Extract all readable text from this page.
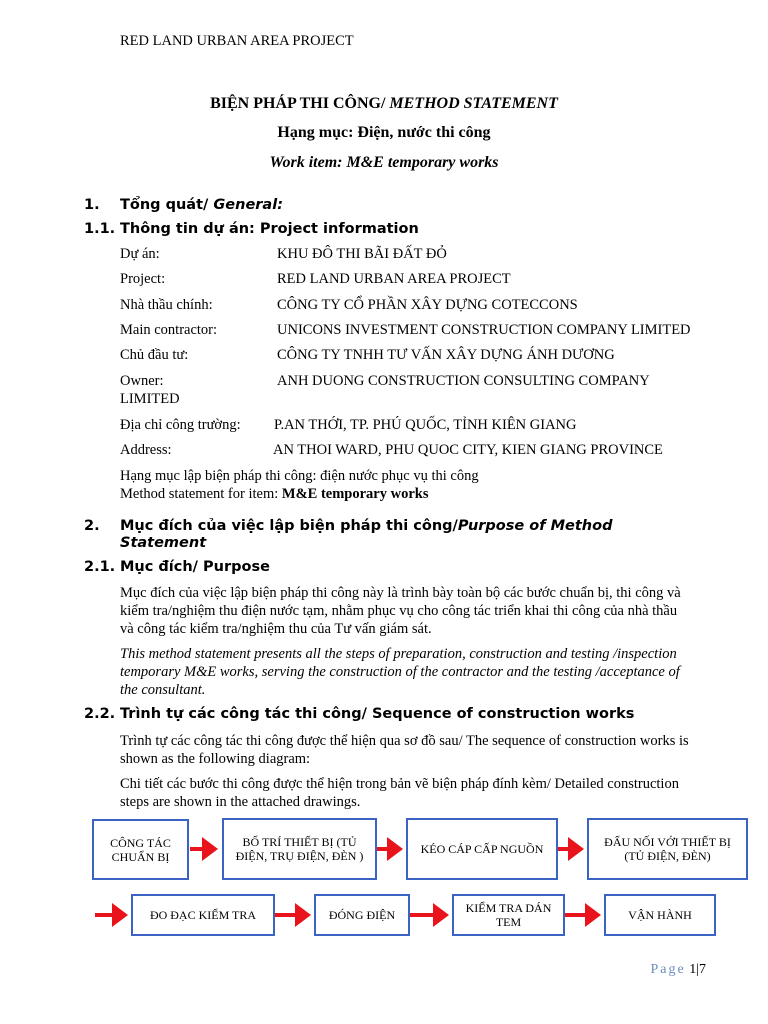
RED LAND URBAN AREA PROJECT
BIỆN PHÁP THI CÔNG/ METHOD STATEMENT
Hạng mục: Điện, nước thi công
Work item: M&E temporary works
1. Tổng quát/ General:
1.1. Thông tin dự án: Project information
Dự án:	KHU ĐÔ THI BÃI ĐẤT ĐỎ
Project:	RED LAND URBAN AREA PROJECT
Nhà thầu chính:	CÔNG TY CỔ PHẦN XÂY DỰNG COTECCONS
Main contractor:	UNICONS INVESTMENT CONSTRUCTION COMPANY LIMITED
Chủ đầu tư:	CÔNG TY TNHH TƯ VẤN XÂY DỰNG ÁNH DƯƠNG
Owner:	ANH DUONG CONSTRUCTION CONSULTING COMPANY
LIMITED
Địa chỉ công trường: P.AN THỚI, TP. PHÚ QUỐC, TỈNH KIÊN GIANG
Address:	AN THOI WARD, PHU QUOC CITY, KIEN GIANG PROVINCE
Hạng mục lập biện pháp thi công: điện nước phục vụ thi công
Method statement for item: M&E temporary works
2. Mục đích của việc lập biện pháp thi công/Purpose of Method
Statement
2.1. Mục đích/ Purpose
Mục đích của việc lập biện pháp thi công này là trình bày toàn bộ các bước chuẩn bị, thi công và
kiểm tra/nghiệm thu điện nước tạm, nhằm phục vụ cho công tác triển khai thi công của nhà thầu
và công tác kiểm tra/nghiệm thu của Tư vấn giám sát.
This method statement presents all the steps of preparation, construction and testing /inspection
temporary M&E works, serving the construction of the contractor and the testing /acceptance of
the consultant.
2.2. Trình tự các công tác thi công/ Sequence of construction works
Trình tự các công tác thi công được thể hiện qua sơ đồ sau/ The sequence of construction works is
shown as the following diagram:
Chi tiết các bước thi công được thể hiện trong bản vẽ biện pháp đính kèm/ Detailed construction
steps are shown in the attached drawings.
CÔNG TÁC CHUẨN BỊ
BỐ TRÍ THIẾT BỊ (TỦ ĐIỆN, TRỤ ĐIỆN, ĐÈN )	KÉO CÁP CẤP NGUỒN	ĐẤU NỐI VỚI THIẾT BỊ (TỦ ĐIỆN, ĐÈN)
ĐO ĐẠC KIỂM TRA	ĐÓNG ĐIỆN	KIỂM TRA DÁN TEM	VẬN HÀNH
Page 1|7
